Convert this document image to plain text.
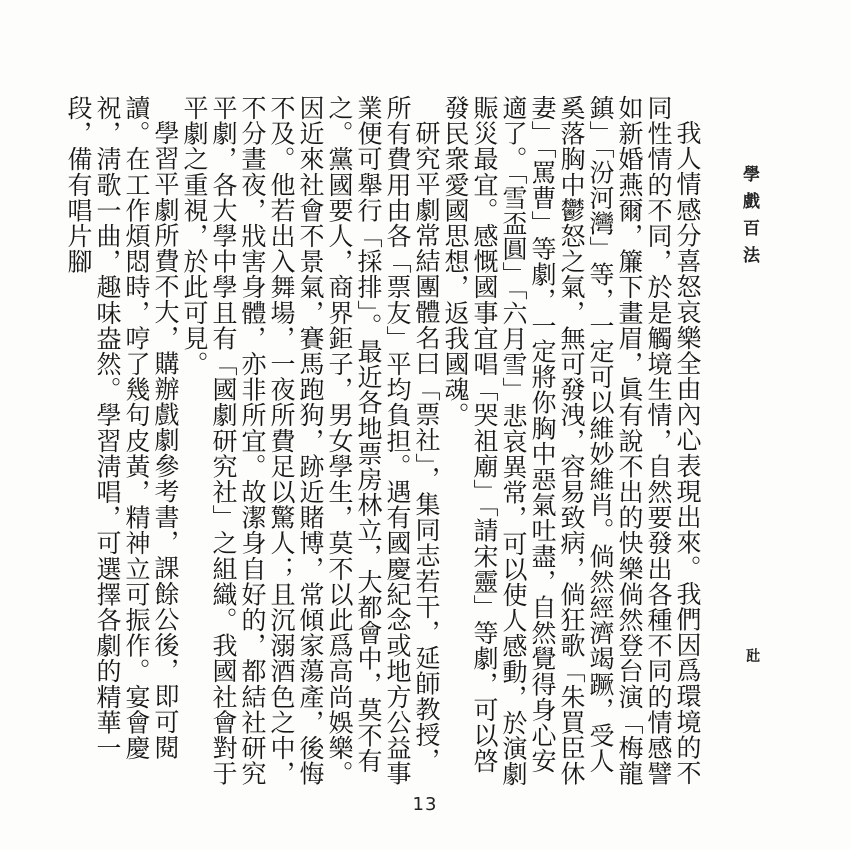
學戲百法
瓧

我人情感分喜怒哀樂全由內心表現出來。我們因爲環境的不同性情的不同，於是觸境生情，自然要發出各種不同的情感譬如新婚燕爾，簾下畫眉，眞有說不出的快樂倘然登台演「梅龍鎮」「汾河灣」等，一定可以維妙維肖。倘然經濟竭蹶，受人奚落胸中鬱怒之氣，無可發洩，容易致病，倘狂歌「朱買臣休妻」「罵曹」等劇，一定將你胸中惡氣吐盡，自然覺得身心安適了。「雪盃圓」「六月雪」悲哀異常，可以使人感動，於演劇賑災最宜。感慨國事宜唱「哭祖廟」「請宋靈」等劇，可以啓發民衆愛國思想，返我國魂。

研究平劇常結團體名曰「票社」，集同志若干，延師教授，所有費用由各「票友」平均負担。遇有國慶紀念或地方公益事業便可舉行「採排」。最近各地票房林立，大都會中，莫不有之。黨國要人，商界鉅子，男女學生，莫不以此爲高尚娛樂。因近來社會不景氣，賽馬跑狗，跡近賭博，常傾家蕩產，後悔不及。他若出入舞場，一夜所費足以驚人；且沉溺酒色之中，不分晝夜，戕害身體，亦非所宜。故潔身自好的，都結社研究平劇，各大學中學且有「國劇研究社」之組織。我國社會對于平劇之重視，於此可見。

學習平劇所費不大，購辦戲劇參考書，課餘公後，即可閱讀。在工作煩悶時，哼了幾句皮黃，精神立可振作。宴會慶祝，淸歌一曲，趣味盎然。學習淸唱，可選擇各劇的精華一段，備有唱片腳

13
